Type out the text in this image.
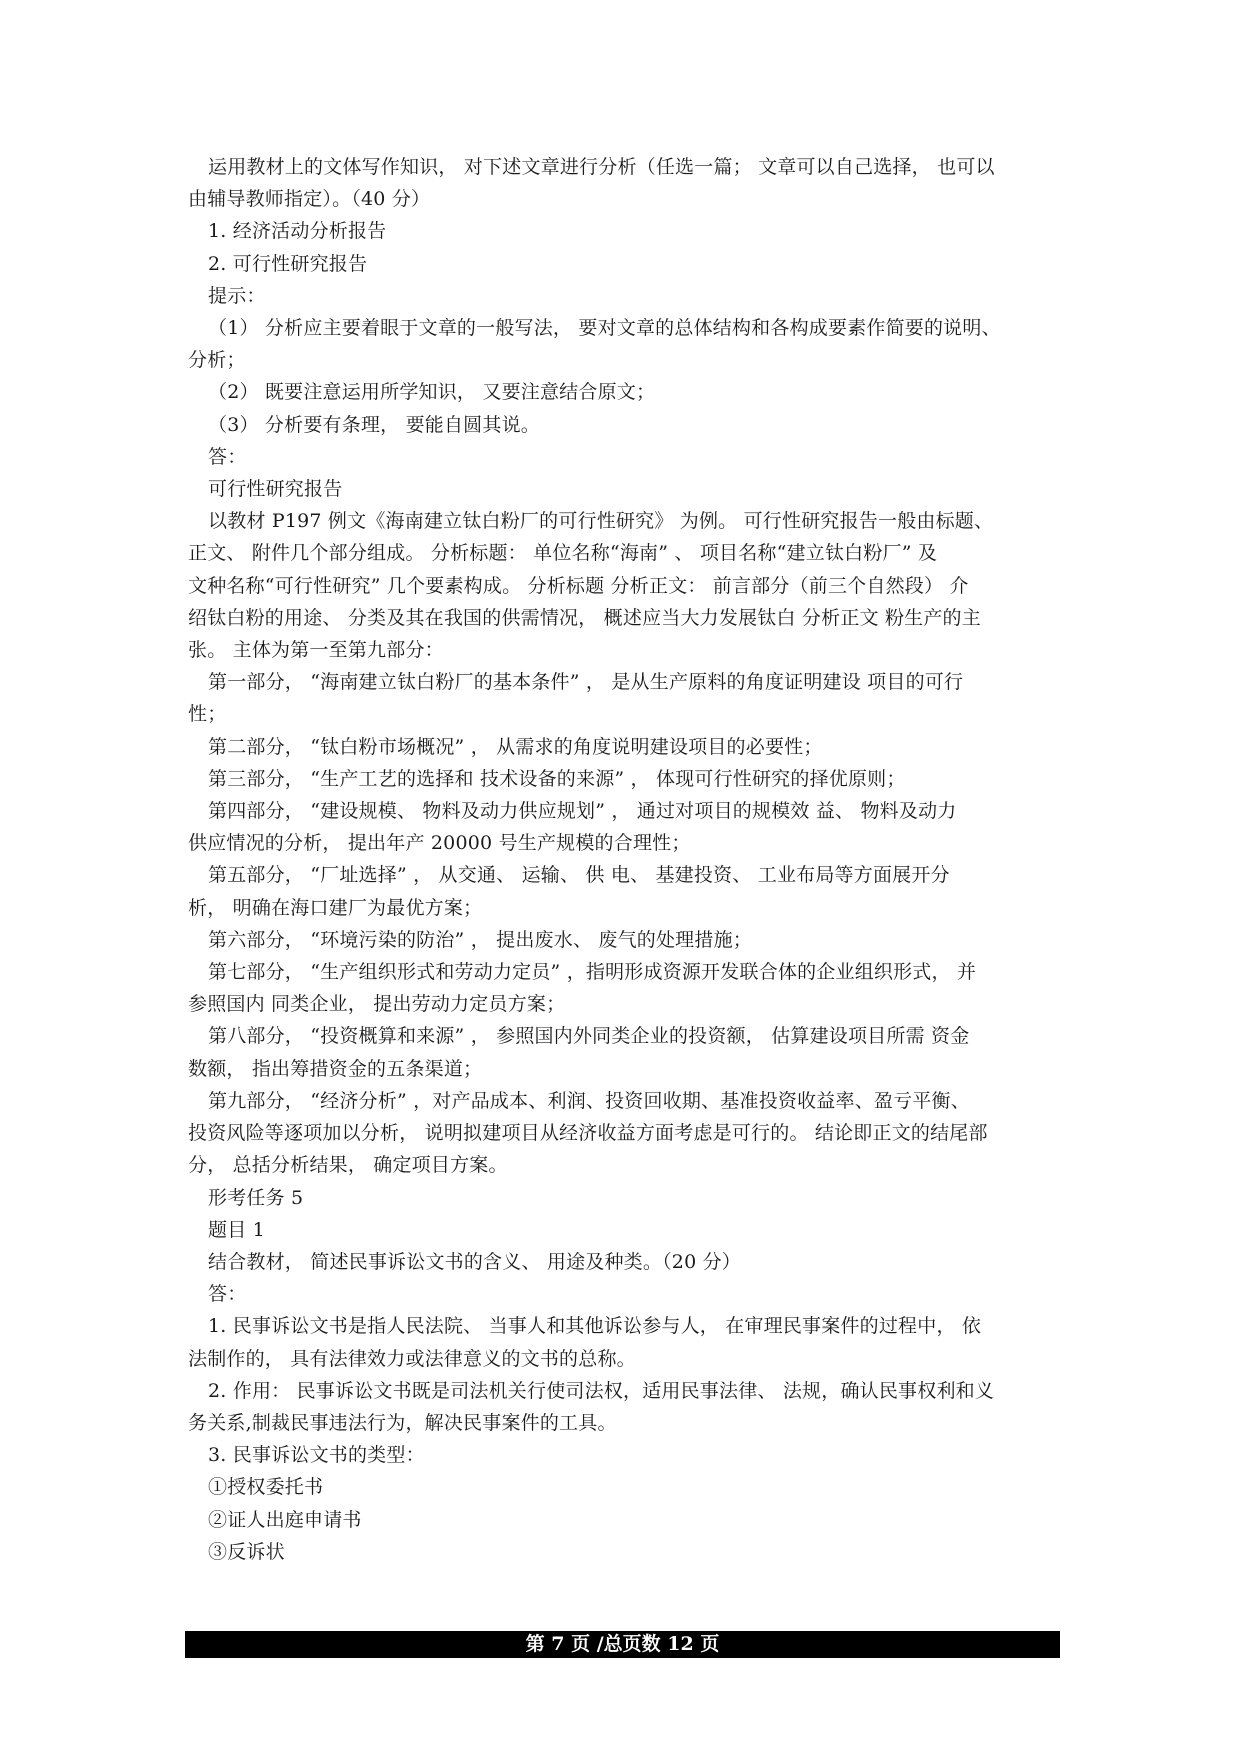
运用教材上的文体写作知识， 对下述文章进行分析（任选一篇； 文章可以自己选择， 也可以
由辅导教师指定）。（40 分）
1. 经济活动分析报告
2. 可行性研究报告
提示：
（1） 分析应主要着眼于文章的一般写法， 要对文章的总体结构和各构成要素作简要的说明、
分析；
（2） 既要注意运用所学知识， 又要注意结合原文；
（3） 分析要有条理， 要能自圆其说。
答：
可行性研究报告
以教材 P197 例文《海南建立钛白粉厂的可行性研究》 为例。 可行性研究报告一般由标题、
正文、 附件几个部分组成。 分析标题： 单位名称“海南” 、 项目名称“建立钛白粉厂” 及
文种名称“可行性研究” 几个要素构成。 分析标题 分析正文： 前言部分（前三个自然段） 介
绍钛白粉的用途、 分类及其在我国的供需情况， 概述应当大力发展钛白 分析正文 粉生产的主
张。 主体为第一至第九部分：
第一部分， “海南建立钛白粉厂的基本条件” ， 是从生产原料的角度证明建设 项目的可行
性；
第二部分， “钛白粉市场概况” ， 从需求的角度说明建设项目的必要性；
第三部分， “生产工艺的选择和 技术设备的来源” ， 体现可行性研究的择优原则；
第四部分， “建设规模、 物料及动力供应规划” ， 通过对项目的规模效 益、 物料及动力
供应情况的分析， 提出年产 20000 号生产规模的合理性；
第五部分， “厂址选择” ， 从交通、 运输、 供 电、 基建投资、 工业布局等方面展开分
析， 明确在海口建厂为最优方案；
第六部分， “环境污染的防治” ， 提出废水、 废气的处理措施；
第七部分， “生产组织形式和劳动力定员” ，指明形成资源开发联合体的企业组织形式， 并
参照国内 同类企业， 提出劳动力定员方案；
第八部分， “投资概算和来源” ， 参照国内外同类企业的投资额， 估算建设项目所需 资金
数额， 指出筹措资金的五条渠道；
第九部分， “经济分析” ，对产品成本、利润、投资回收期、基准投资收益率、盈亏平衡、
投资风险等逐项加以分析， 说明拟建项目从经济收益方面考虑是可行的。 结论即正文的结尾部
分， 总括分析结果， 确定项目方案。
形考任务 5
题目 1
结合教材， 简述民事诉讼文书的含义、 用途及种类。（20 分）
答：
1. 民事诉讼文书是指人民法院、 当事人和其他诉讼参与人， 在审理民事案件的过程中， 依
法制作的， 具有法律效力或法律意义的文书的总称。
2. 作用： 民事诉讼文书既是司法机关行使司法权，适用民事法律、 法规，确认民事权利和义
务关系,制裁民事违法行为，解决民事案件的工具。
3. 民事诉讼文书的类型：
①授权委托书
②证人出庭申请书
③反诉状
第 7 页 /总页数 12 页
